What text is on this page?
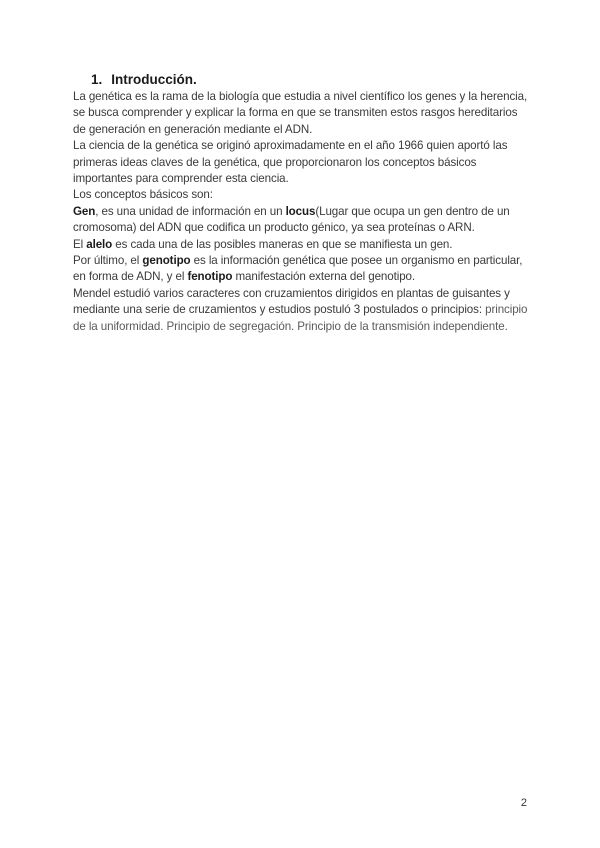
1. Introducción.

La genética es la rama de la biología que estudia a nivel científico los genes y la herencia, se busca comprender y explicar la forma en que se transmiten estos rasgos hereditarios de generación en generación mediante el ADN.

La ciencia de la genética se originó aproximadamente en el año 1966 quien aportó las primeras ideas claves de la genética, que proporcionaron los conceptos básicos importantes para comprender esta ciencia.

Los conceptos básicos son:

Gen, es una unidad de información en un locus(Lugar que ocupa un gen dentro de un cromosoma) del ADN que codifica un producto génico, ya sea proteínas o ARN.

El alelo es cada una de las posibles maneras en que se manifiesta un gen.

Por último, el genotipo es la información genética que posee un organismo en particular, en forma de ADN, y el fenotipo manifestación externa del genotipo.

Mendel estudió varios caracteres con cruzamientos dirigidos en plantas de guisantes y mediante una serie de cruzamientos y estudios postuló 3 postulados o principios: principio de la uniformidad. Principio de segregación. Principio de la transmisión independiente.

2
